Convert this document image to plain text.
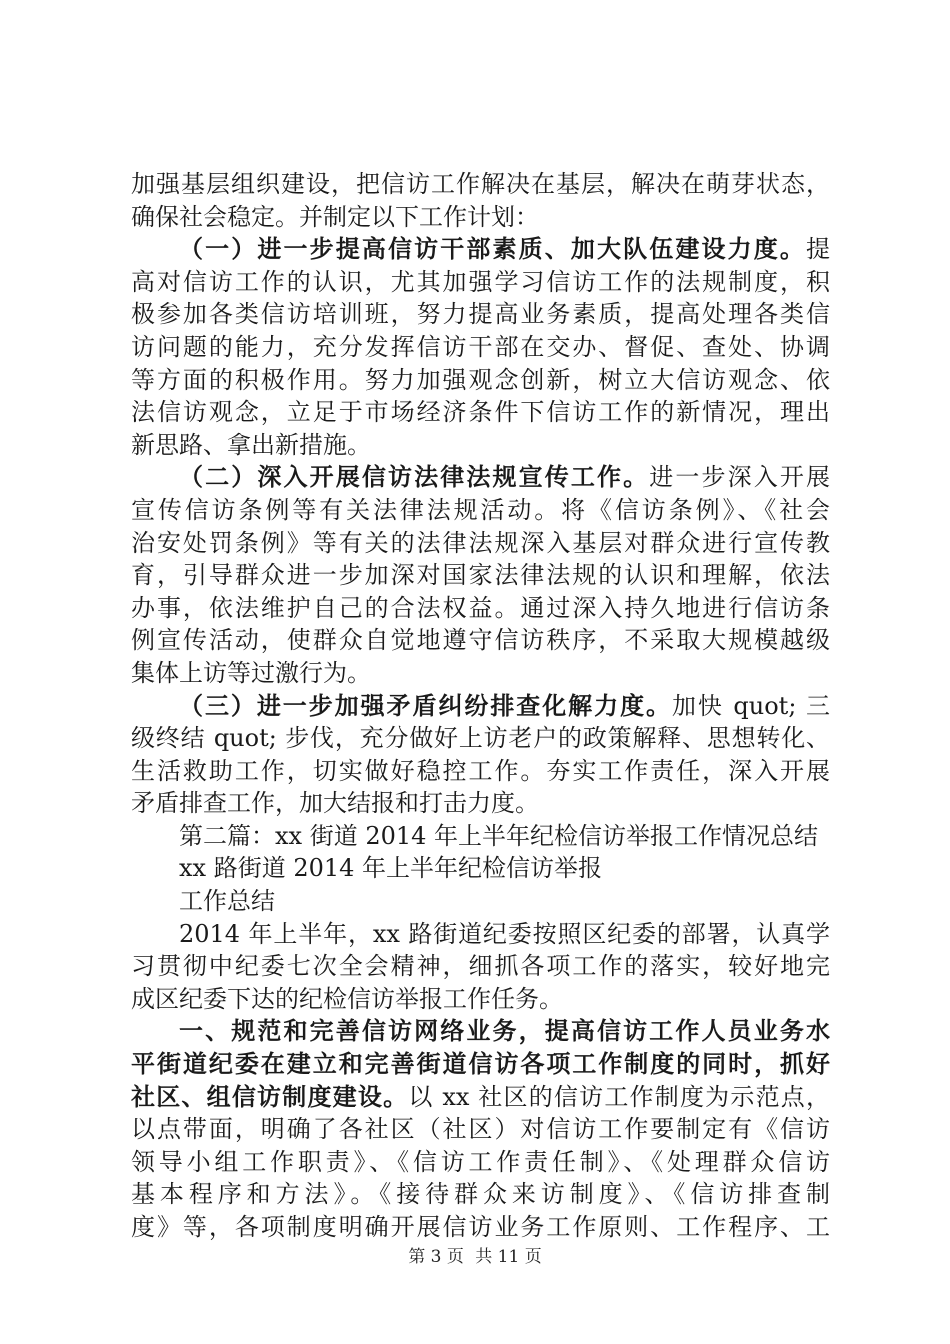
加强基层组织建设，把信访工作解决在基层，解决在萌芽状态，
确保社会稳定。并制定以下工作计划：
（一）进一步提高信访干部素质、加大队伍建设力度。提
高对信访工作的认识，尤其加强学习信访工作的法规制度，积
极参加各类信访培训班，努力提高业务素质，提高处理各类信
访问题的能力，充分发挥信访干部在交办、督促、查处、协调
等方面的积极作用。努力加强观念创新，树立大信访观念、依
法信访观念，立足于市场经济条件下信访工作的新情况，理出
新思路、拿出新措施。
（二）深入开展信访法律法规宣传工作。进一步深入开展
宣传信访条例等有关法律法规活动。将《信访条例》、《社会
治安处罚条例》等有关的法律法规深入基层对群众进行宣传教
育，引导群众进一步加深对国家法律法规的认识和理解，依法
办事，依法维护自己的合法权益。通过深入持久地进行信访条
例宣传活动，使群众自觉地遵守信访秩序，不采取大规模越级
集体上访等过激行为。
（三）进一步加强矛盾纠纷排查化解力度。加快 quot; 三
级终结 quot; 步伐，充分做好上访老户的政策解释、思想转化、
生活救助工作，切实做好稳控工作。夯实工作责任，深入开展
矛盾排查工作，加大结报和打击力度。
第二篇：xx 街道 2014 年上半年纪检信访举报工作情况总结
xx 路街道 2014 年上半年纪检信访举报
工作总结
2014 年上半年，xx 路街道纪委按照区纪委的部署，认真学
习贯彻中纪委七次全会精神，细抓各项工作的落实，较好地完
成区纪委下达的纪检信访举报工作任务。
一、规范和完善信访网络业务，提高信访工作人员业务水
平街道纪委在建立和完善街道信访各项工作制度的同时，抓好
社区、组信访制度建设。以 xx 社区的信访工作制度为示范点，
以点带面，明确了各社区（社区）对信访工作要制定有《信访
领导小组工作职责》、《信访工作责任制》、《处理群众信访
基本程序和方法》。《接待群众来访制度》、《信访排查制
度》等，各项制度明确开展信访业务工作原则、工作程序、工
第 3 页 共 11 页
